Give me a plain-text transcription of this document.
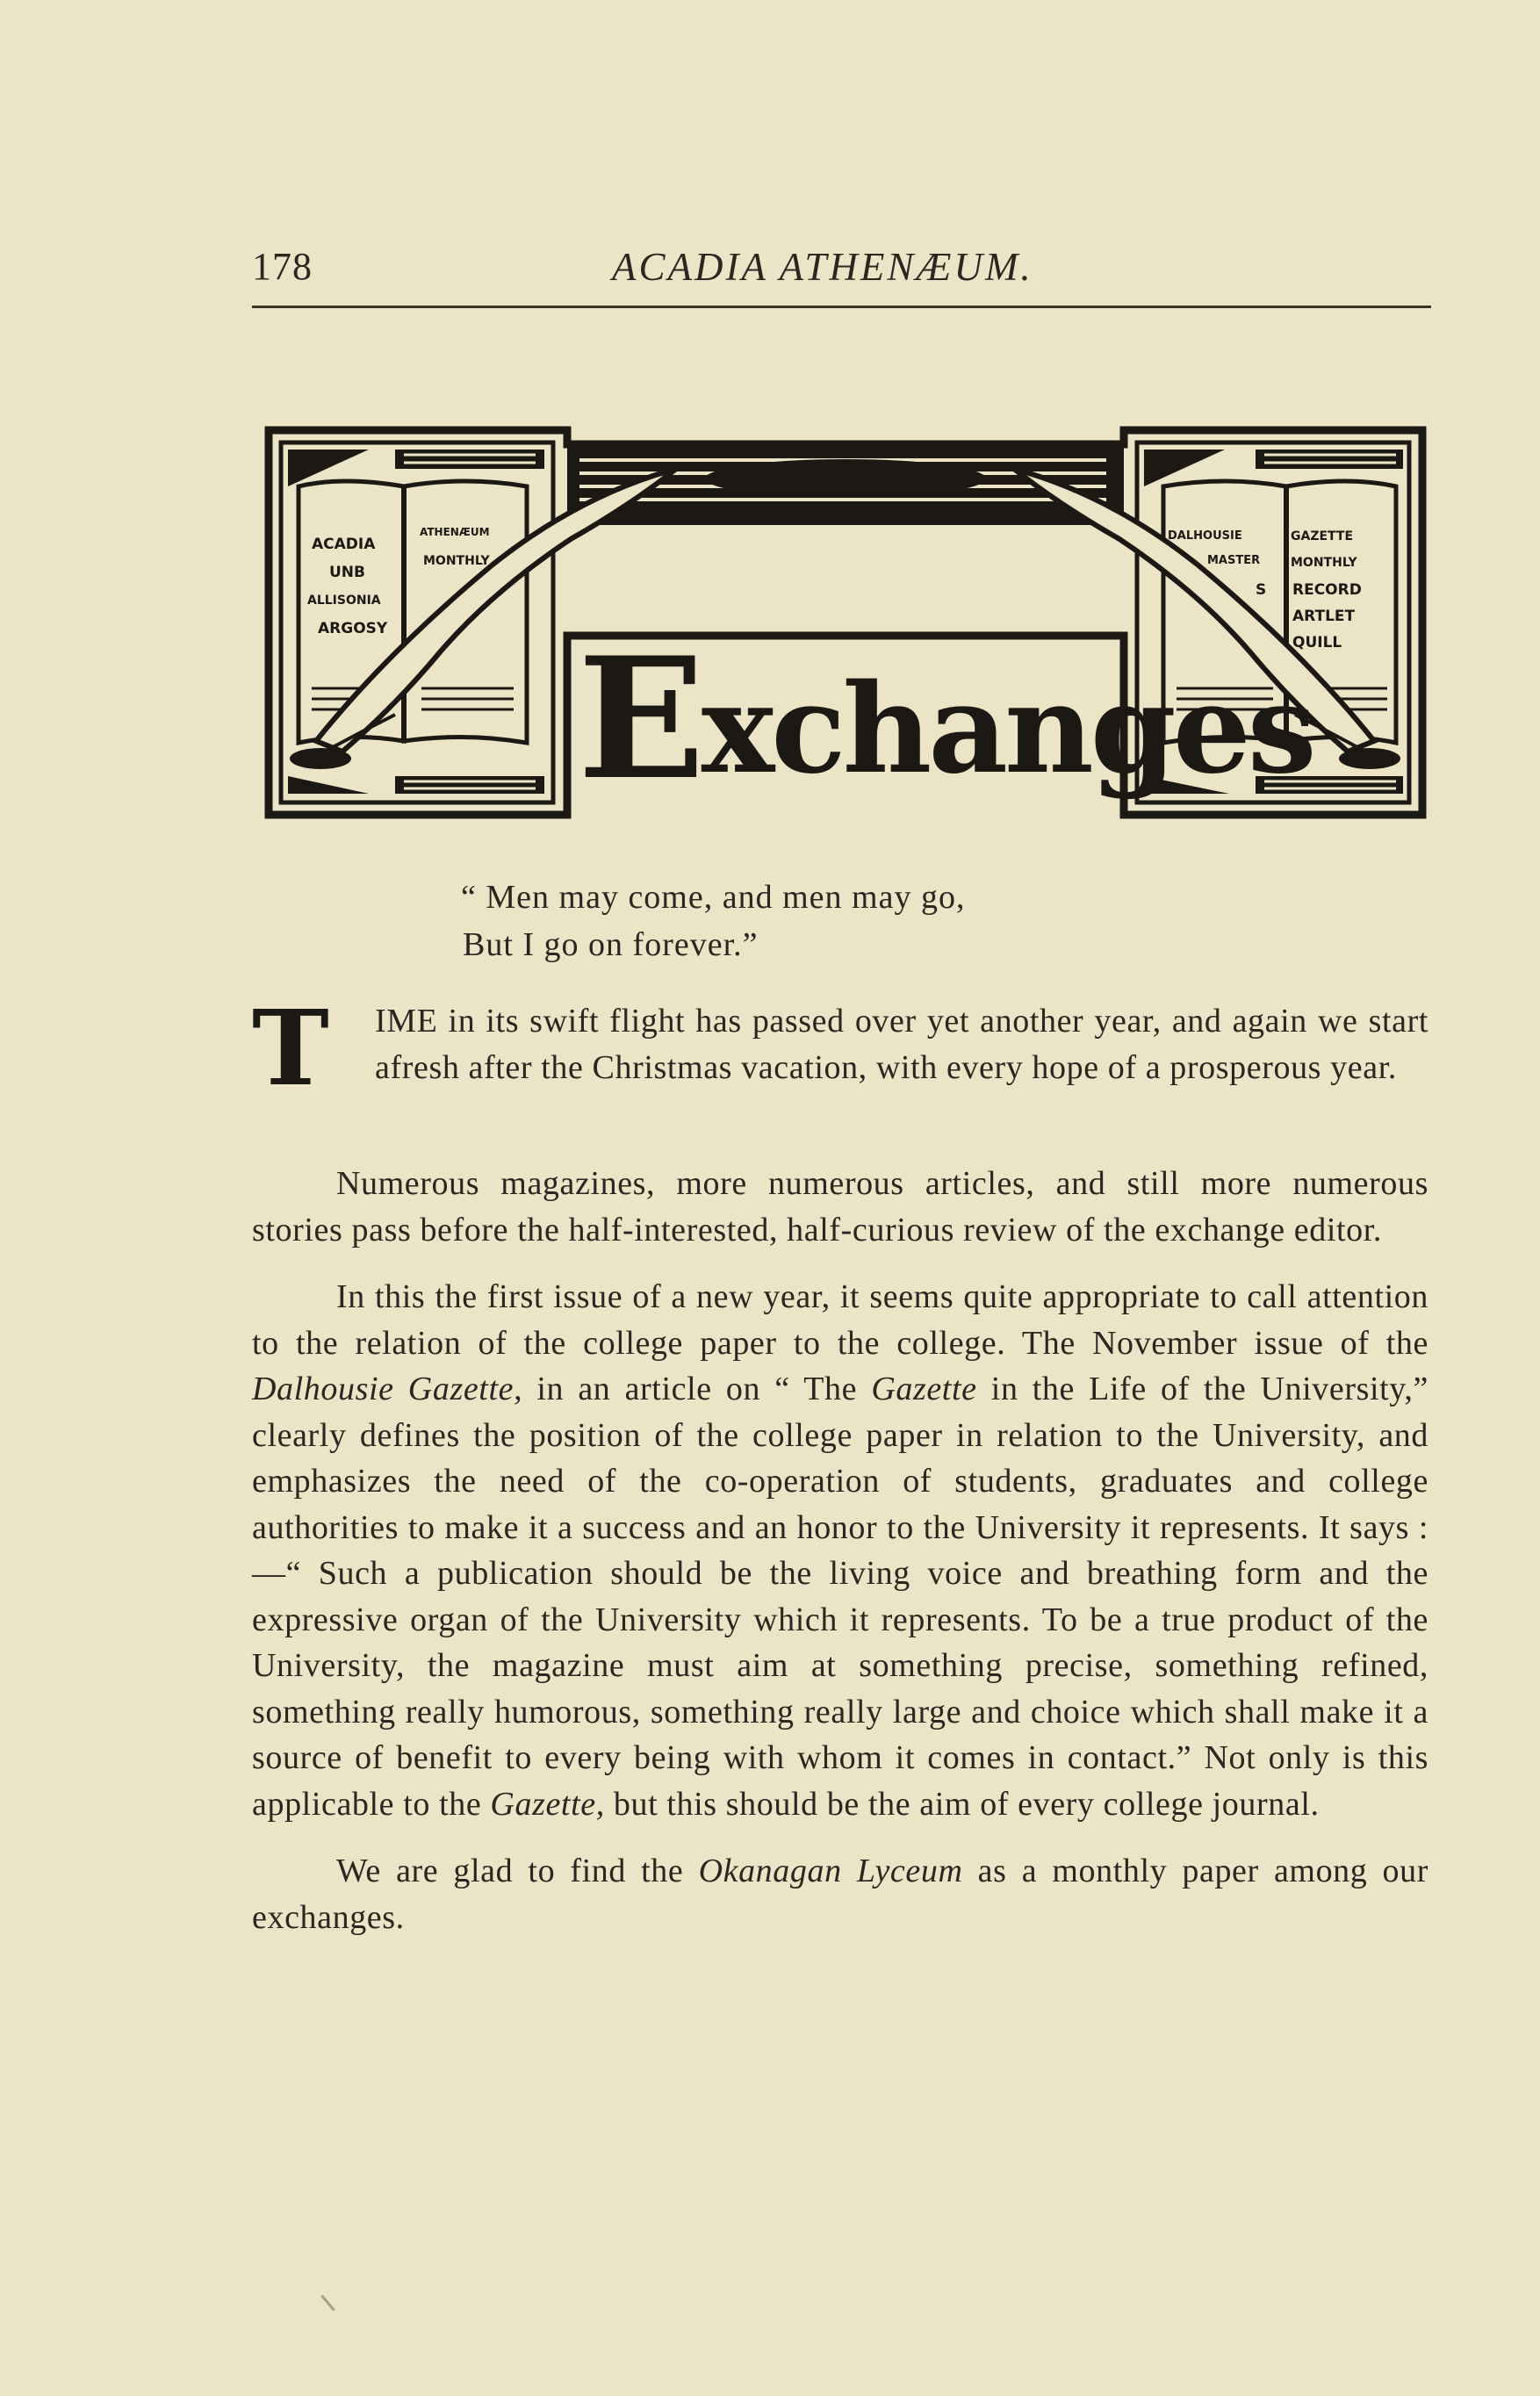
178	ACADIA ATHENÆUM.
ACADIA
UNB
ALLISONIA
ARGOSY
ATHENÆUM
MONTHLY
DALHOUSIE	GAZETTE
MASTER MONTHLY
S RECORD
ARTLET
QUILL
Exchanges
“ Men may come, and men may go,
But I go on forever.”
T	IME in its swift flight has passed over yet another year, and again we start afresh after the Christmas vacation, with every hope of a prosperous year.

Numerous magazines, more numerous articles, and still more numerous stories pass before the half-interested, half-curious review of the exchange editor.

In this the first issue of a new year, it seems quite appropriate to call attention to the relation of the college paper to the college. The November issue of the Dalhousie Gazette, in an article on “ The Gazette in the Life of the University,” clearly defines the position of the college paper in relation to the University, and emphasizes the need of the co-operation of students, graduates and college authorities to make it a success and an honor to the University it represents. It says :—“ Such a publication should be the living voice and breathing form and the expressive organ of the University which it represents. To be a true product of the University, the magazine must aim at something precise, something refined, something really humorous, something really large and choice which shall make it a source of benefit to every being with whom it comes in contact.” Not only is this applicable to the Gazette, but this should be the aim of every college journal.

We are glad to find the Okanagan Lyceum as a monthly paper among our exchanges.
